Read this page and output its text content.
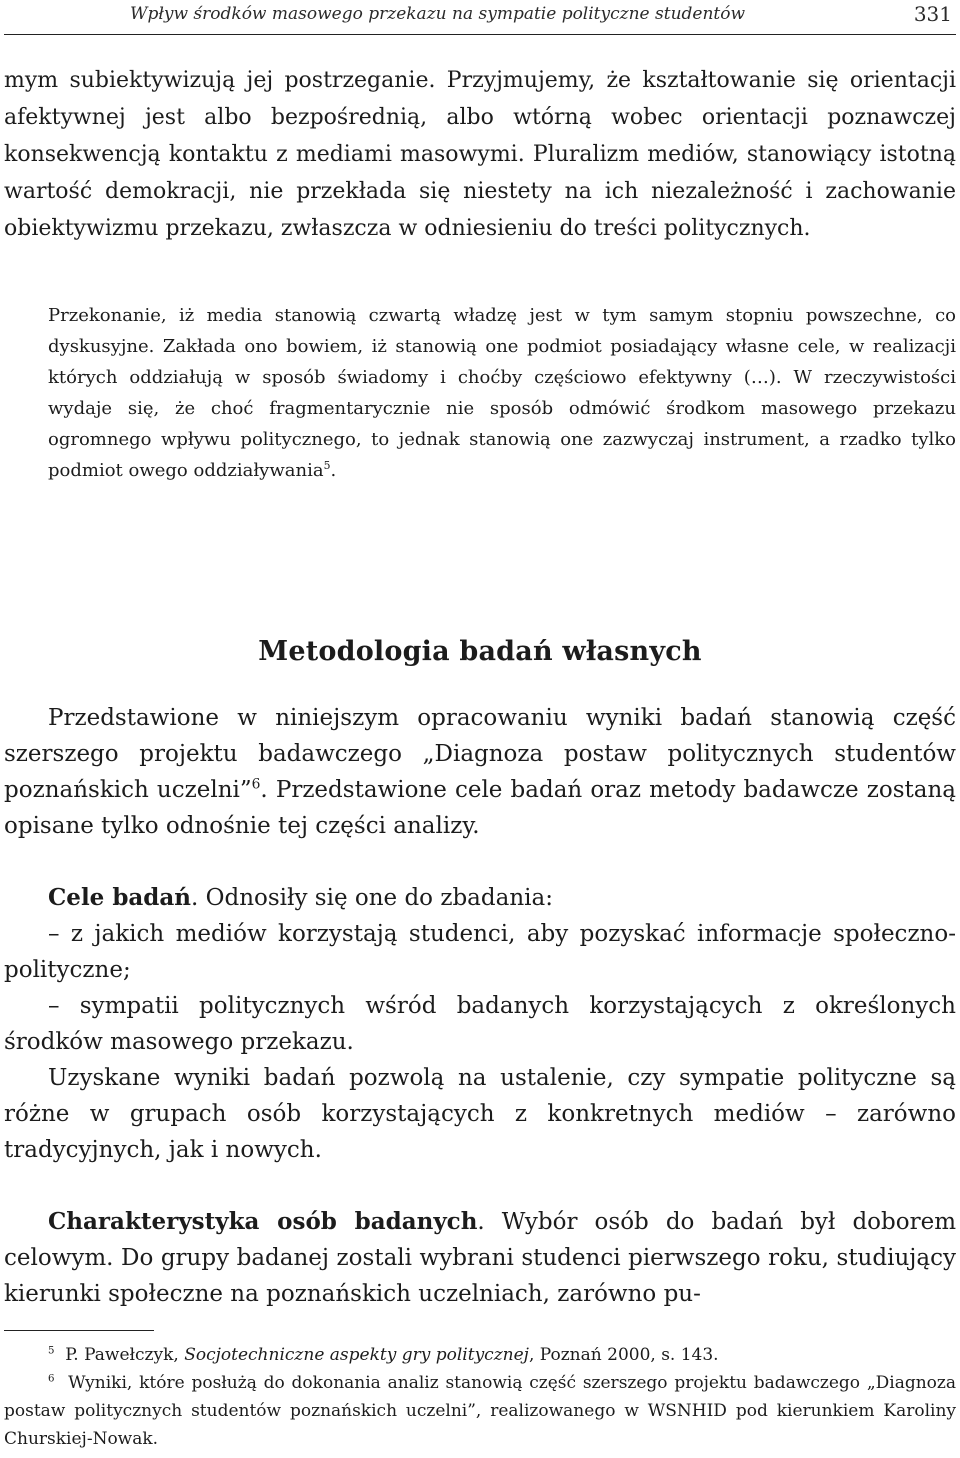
Wpływ środków masowego przekazu na sympatie polityczne studentów	331

mym subiektywizują jej postrzeganie. Przyjmujemy, że kształtowanie się orientacji afektywnej jest albo bezpośrednią, albo wtórną wobec orientacji poznawczej konsekwencją kontaktu z mediami masowymi. Pluralizm mediów, stanowiący istotną wartość demokracji, nie przekłada się niestety na ich niezależność i zachowanie obiektywizmu przekazu, zwłaszcza w odniesieniu do treści politycznych.

Przekonanie, iż media stanowią czwartą władzę jest w tym samym stopniu powszechne, co dyskusyjne. Zakłada ono bowiem, iż stanowią one podmiot posiadający własne cele, w realizacji których oddziałują w sposób świadomy i choćby częściowo efektywny (…). W rzeczywistości wydaje się, że choć fragmentarycznie nie sposób odmówić środkom masowego przekazu ogromnego wpływu politycznego, to jednak stanowią one zazwyczaj instrument, a rzadko tylko podmiot owego oddziaływania$^5$.

Metodologia badań własnych

Przedstawione w niniejszym opracowaniu wyniki badań stanowią część szerszego projektu badawczego „Diagnoza postaw politycznych studentów poznańskich uczelni”$^6$. Przedstawione cele badań oraz metody badawcze zostaną opisane tylko odnośnie tej części analizy.

Cele badań. Odnosiły się one do zbadania:

– z jakich mediów korzystają studenci, aby pozyskać informacje społeczno-polityczne;

– sympatii politycznych wśród badanych korzystających z określonych środków masowego przekazu.

Uzyskane wyniki badań pozwolą na ustalenie, czy sympatie polityczne są różne w grupach osób korzystających z konkretnych mediów – zarówno tradycyjnych, jak i nowych.

Charakterystyka osób badanych. Wybór osób do badań był doborem celowym. Do grupy badanej zostali wybrani studenci pierwszego roku, studiujący kierunki społeczne na poznańskich uczelniach, zarówno pu-

$^5$ P. Pawełczyk, Socjotechniczne aspekty gry politycznej, Poznań 2000, s. 143.

$^6$ Wyniki, które posłużą do dokonania analiz stanowią część szerszego projektu badawczego „Diagnoza postaw politycznych studentów poznańskich uczelni”, realizowanego w WSNHID pod kierunkiem Karoliny Churskiej-Nowak.
